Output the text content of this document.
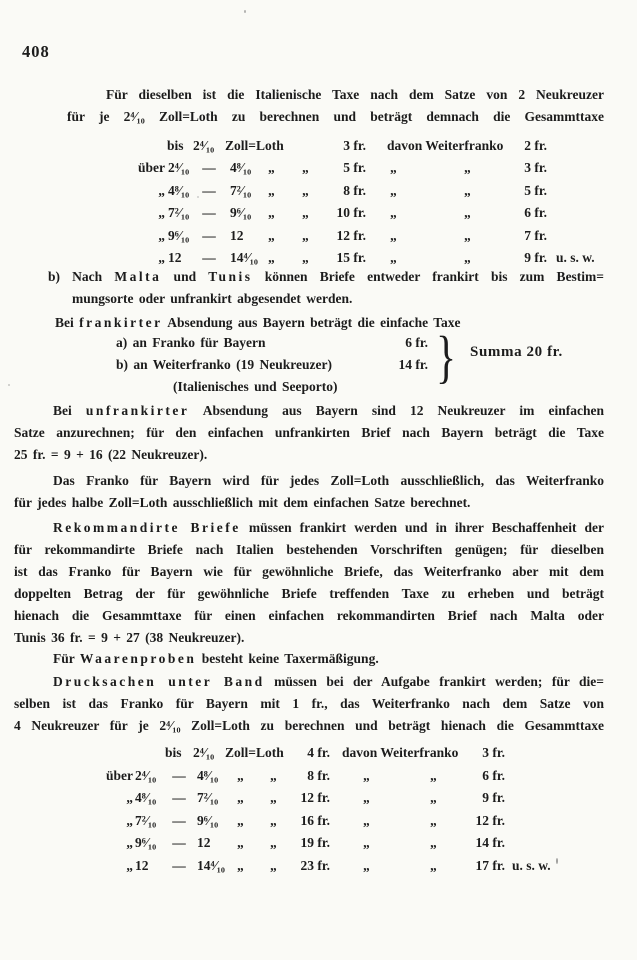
408
Für dieselben ist die Italienische Taxe nach dem Satze von 2 Neukreuzer
für je 2⁴⁄₁₀ Zoll=Loth zu berechnen und beträgt demnach die Gesammttaxe
bis 2⁴⁄₁₀ Zoll=Loth	3 fr. davon Weiterfranko	2 fr.
über 2⁴⁄₁₀ —	4⁸⁄₁₀ „ „	5 fr. „	„	3 fr.
„ 4⁸⁄₁₀ —	7²⁄₁₀ „ „	8 fr. „	„	5 fr.
„ 7²⁄₁₀ —	9⁶⁄₁₀ „ „	10 fr. „	„	6 fr.
„ 9⁶⁄₁₀ —	12 „ „	12 fr. „	„	7 fr.
„ 12	—	14⁴⁄₁₀ „ „	15 fr. „	„	9 fr. u. s. w.
b) Nach Malta und Tunis können Briefe entweder frankirt bis zum Bestim=
mungsorte oder unfrankirt abgesendet werden.
Bei frankirter Absendung aus Bayern beträgt die einfache Taxe
a) an Franko für Bayern	6 fr.
b) an Weiterfranko (19 Neukreuzer)	14 fr.
(Italienisches und Seeporto) } Summa 20 fr.
Bei unfrankirter Absendung aus Bayern sind 12 Neukreuzer im einfachen
Satze anzurechnen; für den einfachen unfrankirten Brief nach Bayern beträgt die Taxe
25 fr. = 9 + 16 (22 Neukreuzer).
Das Franko für Bayern wird für jedes Zoll=Loth ausschließlich, das Weiterfranko
für jedes halbe Zoll=Loth ausschließlich mit dem einfachen Satze berechnet.
Rekommandirte Briefe müssen frankirt werden und in ihrer Beschaffenheit der
für rekommandirte Briefe nach Italien bestehenden Vorschriften genügen; für dieselben
ist das Franko für Bayern wie für gewöhnliche Briefe, das Weiterfranko aber mit dem
doppelten Betrag der für gewöhnliche Briefe treffenden Taxe zu erheben und beträgt
hienach die Gesammttaxe für einen einfachen rekommandirten Brief nach Malta oder
Tunis 36 fr. = 9 + 27 (38 Neukreuzer).
Für Waarenproben besteht keine Taxermäßigung.
Drucksachen unter Band müssen bei der Aufgabe frankirt werden; für die=
selben ist das Franko für Bayern mit 1 fr., das Weiterfranko nach dem Satze von
4 Neukreuzer für je 2⁴⁄₁₀ Zoll=Loth zu berechnen und beträgt hienach die Gesammttaxe
bis 2⁴⁄₁₀ Zoll=Loth	4 fr. davon Weiterfranko	3 fr.
über 2⁴⁄₁₀	— 4⁸⁄₁₀ „ „	8 fr. „	„	6 fr.
„ 4⁸⁄₁₀	— 7²⁄₁₀ „ „	12 fr. „	„	9 fr.
„ 7²⁄₁₀	— 9⁶⁄₁₀ „ „	16 fr. „	„	12 fr.
„ 9⁶⁄₁₀	— 12 „ „	19 fr. „	„	14 fr.
„ 12	— 14⁴⁄₁₀ „ „	23 fr. „	„	17 fr. u. s. w.
